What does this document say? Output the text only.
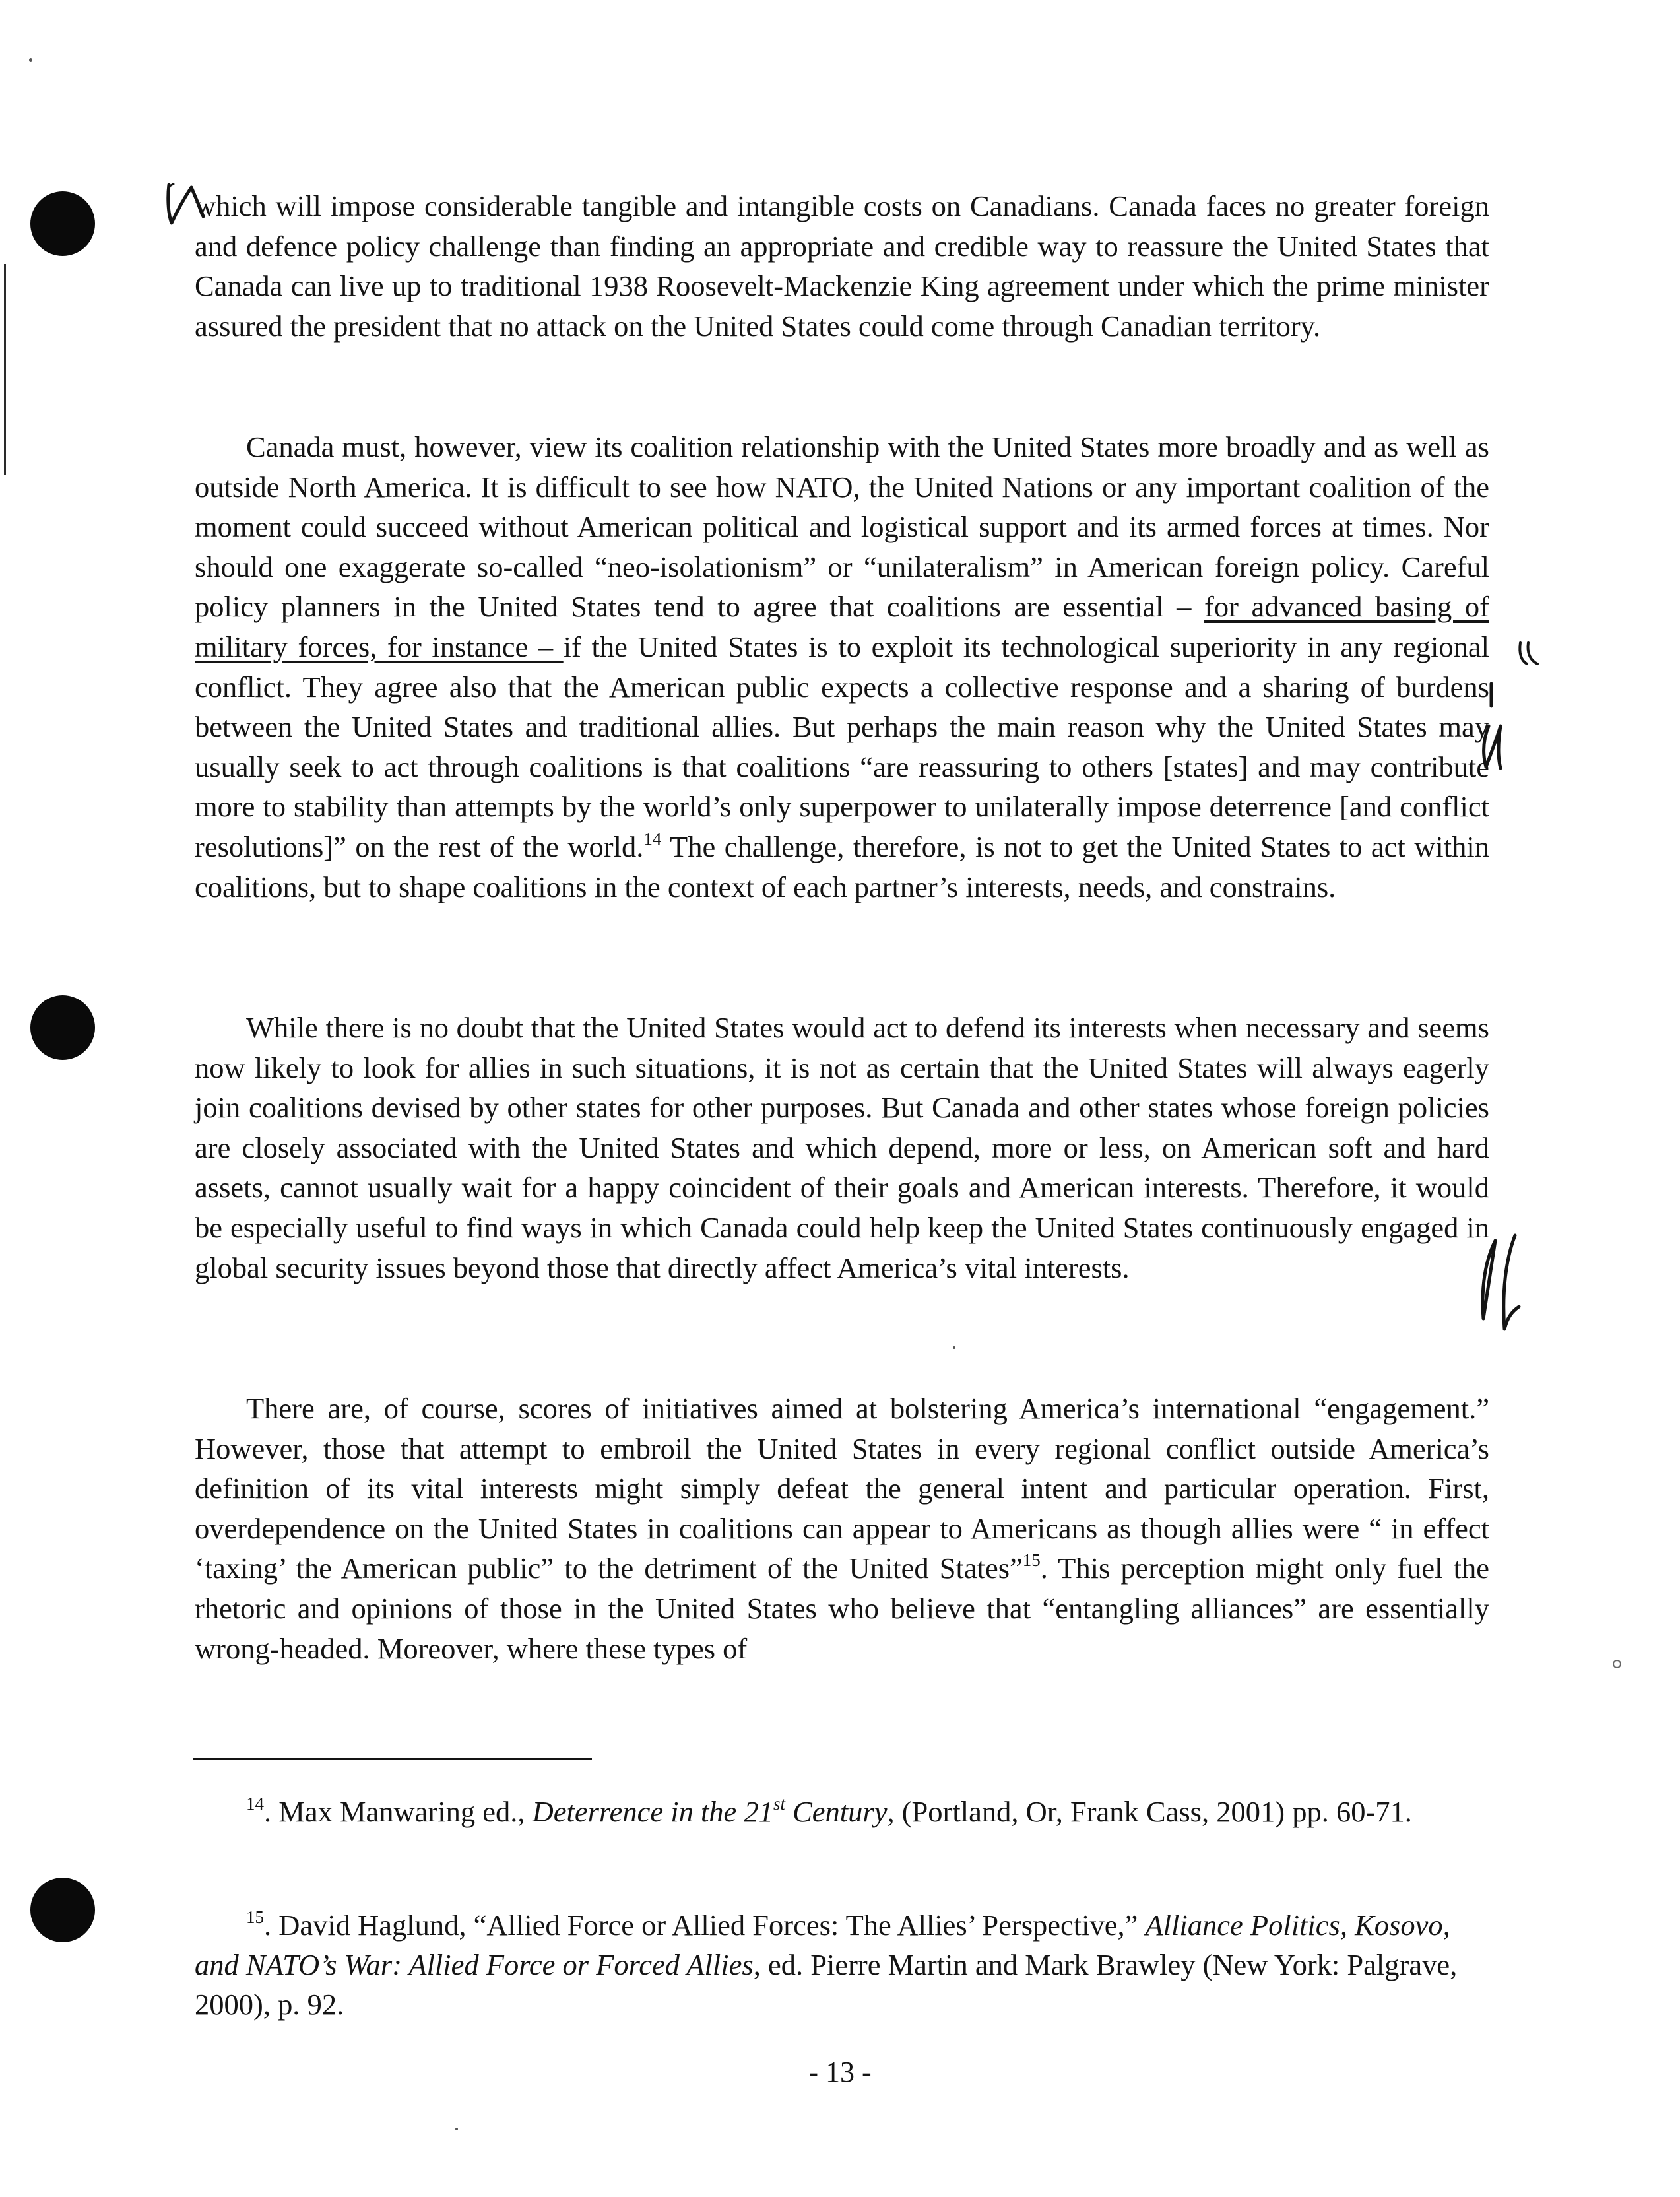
which will impose considerable tangible and intangible costs on Canadians. Canada faces no greater foreign and defence policy challenge than finding an appropriate and credible way to reassure the United States that Canada can live up to traditional 1938 Roosevelt-Mackenzie King agreement under which the prime minister assured the president that no attack on the United States could come through Canadian territory.

Canada must, however, view its coalition relationship with the United States more broadly and as well as outside North America. It is difficult to see how NATO, the United Nations or any important coalition of the moment could succeed without American political and logistical support and its armed forces at times. Nor should one exaggerate so-called “neo-isolationism” or “unilateralism” in American foreign policy. Careful policy planners in the United States tend to agree that coalitions are essential – for advanced basing of military forces, for instance – if the United States is to exploit its technological superiority in any regional conflict. They agree also that the American public expects a collective response and a sharing of burdens between the United States and traditional allies. But perhaps the main reason why the United States may usually seek to act through coalitions is that coalitions “are reassuring to others [states] and may contribute more to stability than attempts by the world’s only superpower to unilaterally impose deterrence [and conflict resolutions]” on the rest of the world.$^{14}$ The challenge, therefore, is not to get the United States to act within coalitions, but to shape coalitions in the context of each partner’s interests, needs, and constrains.

While there is no doubt that the United States would act to defend its interests when necessary and seems now likely to look for allies in such situations, it is not as certain that the United States will always eagerly join coalitions devised by other states for other purposes. But Canada and other states whose foreign policies are closely associated with the United States and which depend, more or less, on American soft and hard assets, cannot usually wait for a happy coincident of their goals and American interests. Therefore, it would be especially useful to find ways in which Canada could help keep the United States continuously engaged in global security issues beyond those that directly affect America’s vital interests.

There are, of course, scores of initiatives aimed at bolstering America’s international “engagement.” However, those that attempt to embroil the United States in every regional conflict outside America’s definition of its vital interests might simply defeat the general intent and particular operation. First, overdependence on the United States in coalitions can appear to Americans as though allies were “ in effect ‘taxing’ the American public” to the detriment of the United States”$^{15}$. This perception might only fuel the rhetoric and opinions of those in the United States who believe that “entangling alliances” are essentially wrong-headed. Moreover, where these types of

$^{14}$. Max Manwaring ed., Deterrence in the 21st Century, (Portland, Or, Frank Cass, 2001) pp. 60-71.

$^{15}$. David Haglund, “Allied Force or Allied Forces: The Allies’ Perspective,” Alliance Politics, Kosovo, and NATO’s War: Allied Force or Forced Allies, ed. Pierre Martin and Mark Brawley (New York: Palgrave, 2000), p. 92.

- 13 -
